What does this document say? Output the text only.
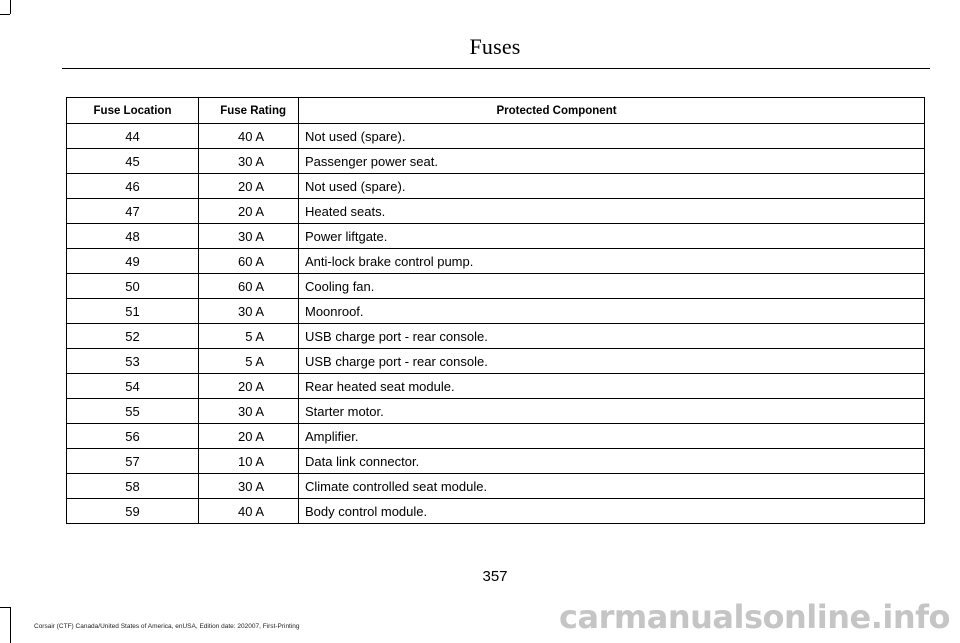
Fuses
Fuse Location	Fuse Rating	Protected Component
44	40 A	Not used (spare).
45	30 A	Passenger power seat.
46	20 A	Not used (spare).
47	20 A	Heated seats.
48	30 A	Power liftgate.
49	60 A	Anti-lock brake control pump.
50	60 A	Cooling fan.
51	30 A	Moonroof.
52	5 A	USB charge port - rear console.
53	5 A	USB charge port - rear console.
54	20 A	Rear heated seat module.
55	30 A	Starter motor.
56	20 A	Amplifier.
57	10 A	Data link connector.
58	30 A	Climate controlled seat module.
59	40 A	Body control module.
357
Corsair (CTF) Canada/United States of America, enUSA, Edition date: 202007, First-Printing	carmanualsonline.info
